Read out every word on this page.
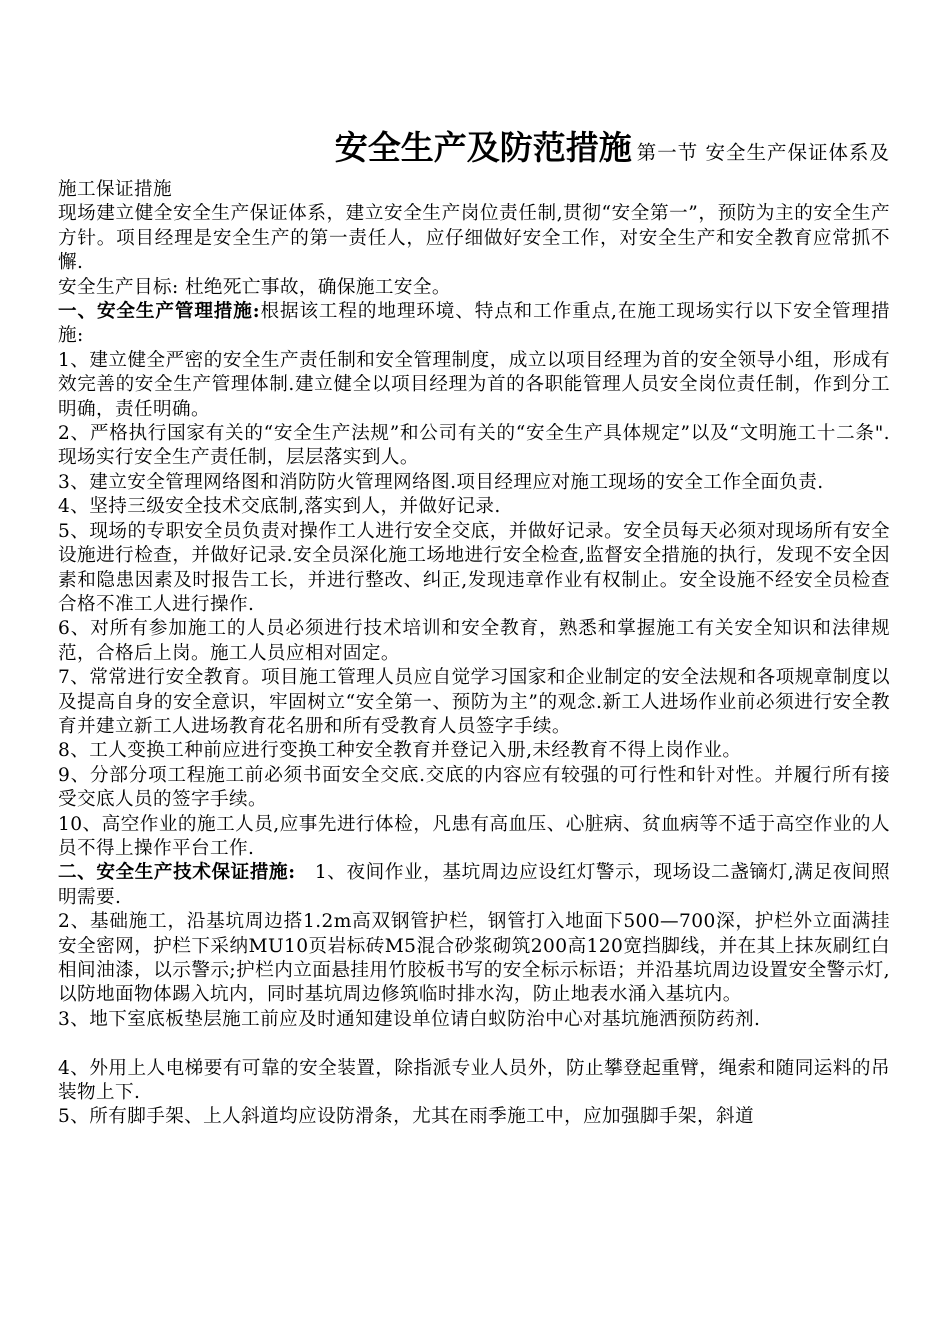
安全生产及防范措施 第一节 安全生产保证体系及

施工保证措施

现场建立健全安全生产保证体系，建立安全生产岗位责任制,贯彻“安全第一”，预防为主的安全生产方针。项目经理是安全生产的第一责任人，应仔细做好安全工作，对安全生产和安全教育应常抓不懈.

安全生产目标: 杜绝死亡事故，确保施工安全。

一、安全生产管理措施:根据该工程的地理环境、特点和工作重点,在施工现场实行以下安全管理措施:

1、建立健全严密的安全生产责任制和安全管理制度，成立以项目经理为首的安全领导小组，形成有效完善的安全生产管理体制.建立健全以项目经理为首的各职能管理人员安全岗位责任制，作到分工明确，责任明确。

2、严格执行国家有关的“安全生产法规”和公司有关的“安全生产具体规定”以及“文明施工十二条".现场实行安全生产责任制，层层落实到人。

3、建立安全管理网络图和消防防火管理网络图.项目经理应对施工现场的安全工作全面负责.

4、坚持三级安全技术交底制,落实到人，并做好记录.

5、现场的专职安全员负责对操作工人进行安全交底，并做好记录。安全员每天必须对现场所有安全设施进行检查，并做好记录.安全员深化施工场地进行安全检查,监督安全措施的执行，发现不安全因素和隐患因素及时报告工长，并进行整改、纠正,发现违章作业有权制止。安全设施不经安全员检查合格不准工人进行操作.

6、对所有参加施工的人员必须进行技术培训和安全教育，熟悉和掌握施工有关安全知识和法律规范，合格后上岗。施工人员应相对固定。

7、常常进行安全教育。项目施工管理人员应自觉学习国家和企业制定的安全法规和各项规章制度以及提高自身的安全意识，牢固树立“安全第一、预防为主”的观念.新工人进场作业前必须进行安全教育并建立新工人进场教育花名册和所有受教育人员签字手续。

8、工人变换工种前应进行变换工种安全教育并登记入册,未经教育不得上岗作业。

9、分部分项工程施工前必须书面安全交底.交底的内容应有较强的可行性和针对性。并履行所有接受交底人员的签字手续。

10、高空作业的施工人员,应事先进行体检，凡患有高血压、心脏病、贫血病等不适于高空作业的人员不得上操作平台工作.

二、安全生产技术保证措施:　1、夜间作业，基坑周边应设红灯警示，现场设二盏镝灯,满足夜间照明需要.

2、基础施工，沿基坑周边搭1.2m高双钢管护栏，钢管打入地面下500—700深，护栏外立面满挂安全密网，护栏下采纳MU10页岩标砖M5混合砂浆砌筑200高120宽挡脚线，并在其上抹灰刷红白相间油漆，以示警示;护栏内立面悬挂用竹胶板书写的安全标示标语；并沿基坑周边设置安全警示灯,以防地面物体踢入坑内，同时基坑周边修筑临时排水沟，防止地表水涌入基坑内。

3、地下室底板垫层施工前应及时通知建设单位请白蚁防治中心对基坑施洒预防药剂.

4、外用上人电梯要有可靠的安全装置，除指派专业人员外，防止攀登起重臂，绳索和随同运料的吊装物上下.

5、所有脚手架、上人斜道均应设防滑条，尤其在雨季施工中，应加强脚手架，斜道
